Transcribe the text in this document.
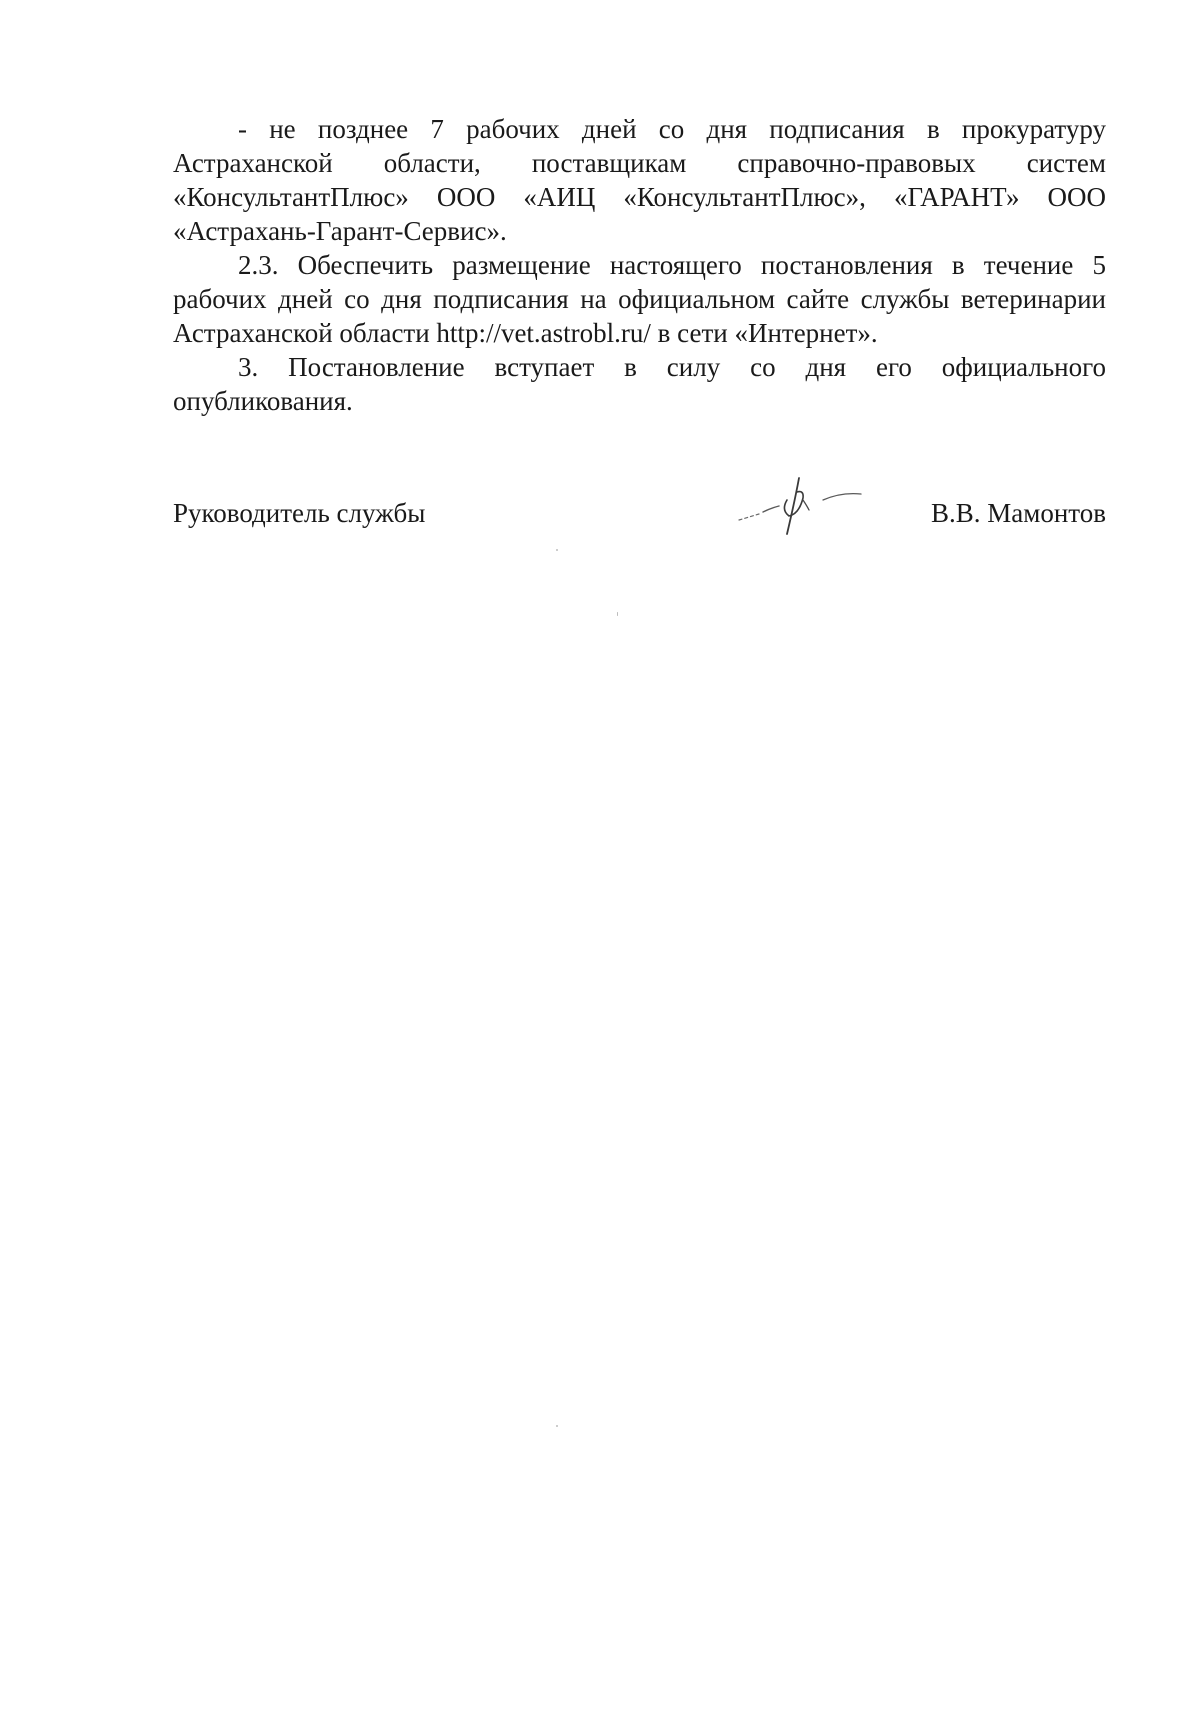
- не позднее 7 рабочих дней со дня подписания в прокуратуру Астраханской области, поставщикам справочно-правовых систем «КонсультантПлюс» ООО «АИЦ «КонсультантПлюс», «ГАРАНТ» ООО «Астрахань-Гарант-Сервис».

2.3. Обеспечить размещение настоящего постановления в течение 5 рабочих дней со дня подписания на официальном сайте службы ветеринарии Астраханской области http://vet.astrobl.ru/ в сети «Интернет».

3. Постановление вступает в силу со дня его официального опубликования.

Руководитель службы	В.В. Мамонтов
